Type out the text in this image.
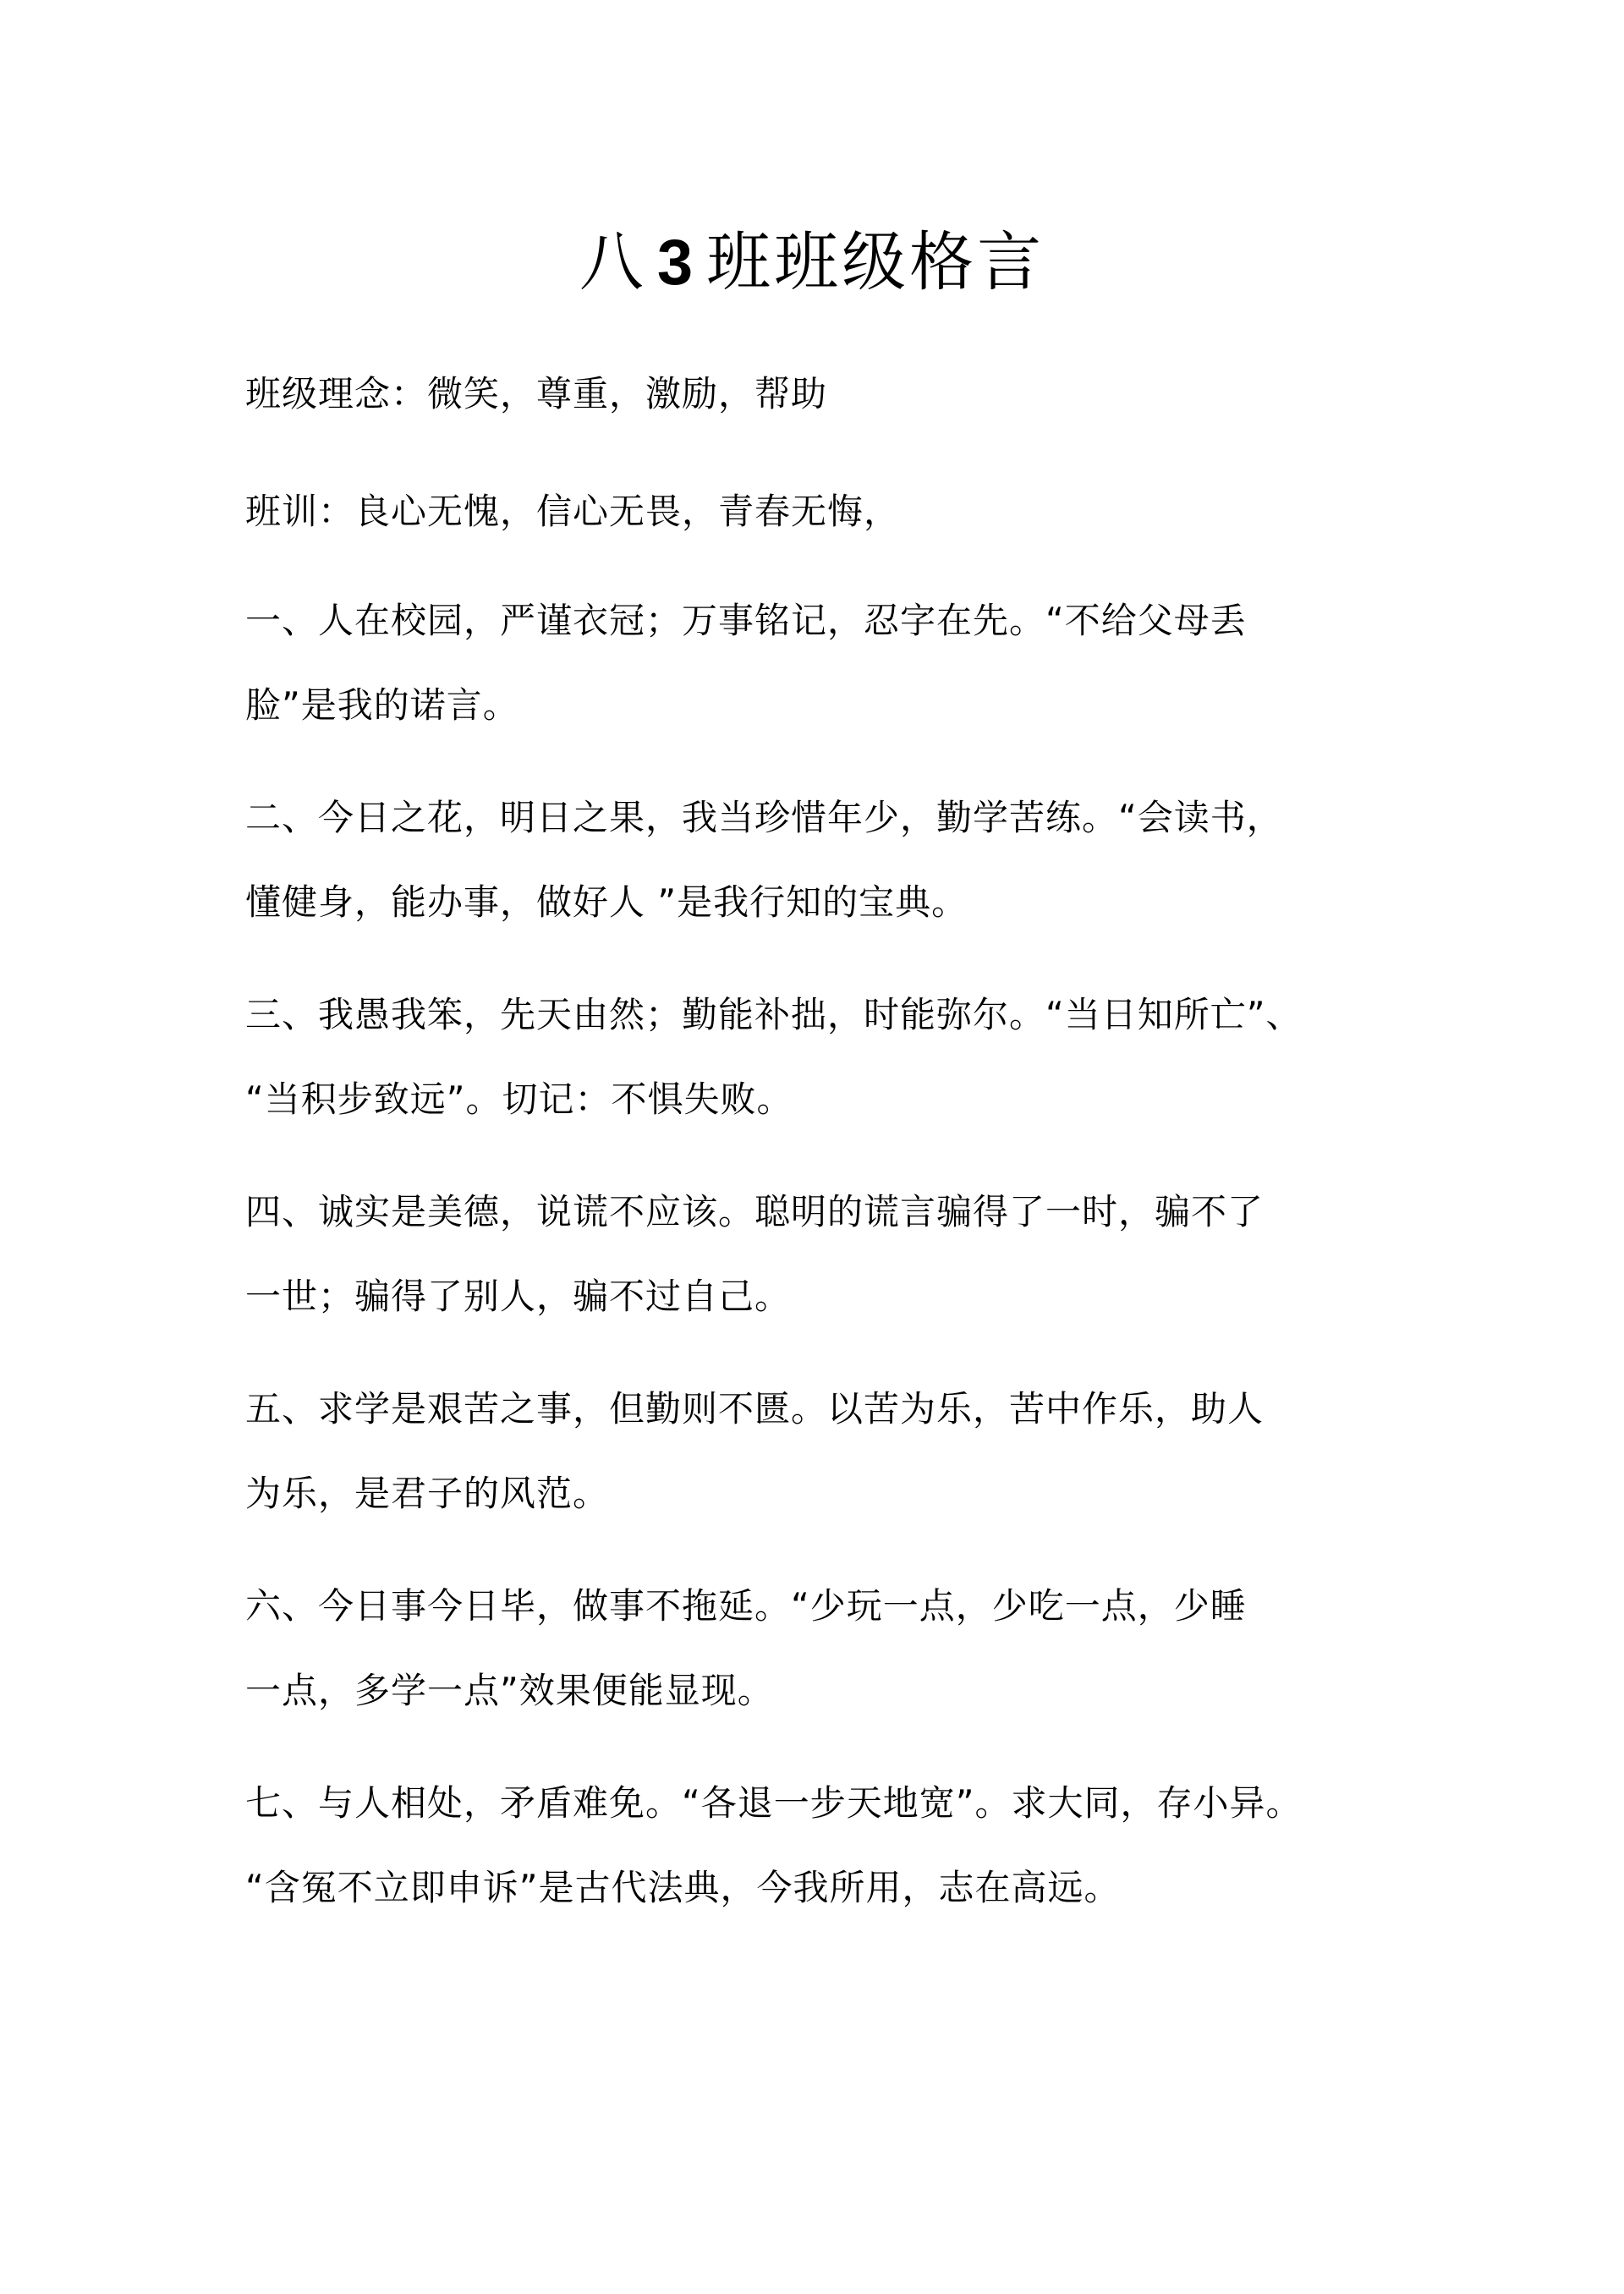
八 3 班班级格言

班级理念：微笑，尊重，激励，帮助

班训：良心无愧，信心无畏，青春无悔，

一、人在校园，严谨衣冠；万事铭记，忍字在先。“不给父母丢

脸”是我的诺言。

二、今日之花，明日之果，我当珍惜年少，勤学苦练。“会读书，

懂健身，能办事，做好人 ”是我行知的宝典。

三、我愚我笨，先天由然；勤能补拙，时能弥尔。“当日知所亡”、

“当积步致远”。切记：不惧失败。

四、诚实是美德，说谎不应该。聪明的谎言骗得了一时，骗不了

一世；骗得了别人，骗不过自己。

五、求学是艰苦之事，但勤则不匮。以苦为乐，苦中作乐，助人

为乐，是君子的风范。

六、今日事今日毕，做事不拖延。“少玩一点，少吃一点，少睡

一点，多学一点”效果便能显现。

七、与人相处，矛盾难免。“各退一步天地宽”。求大同，存小异。

“含冤不立即申诉”是古代法典，今我所用，志在高远。
